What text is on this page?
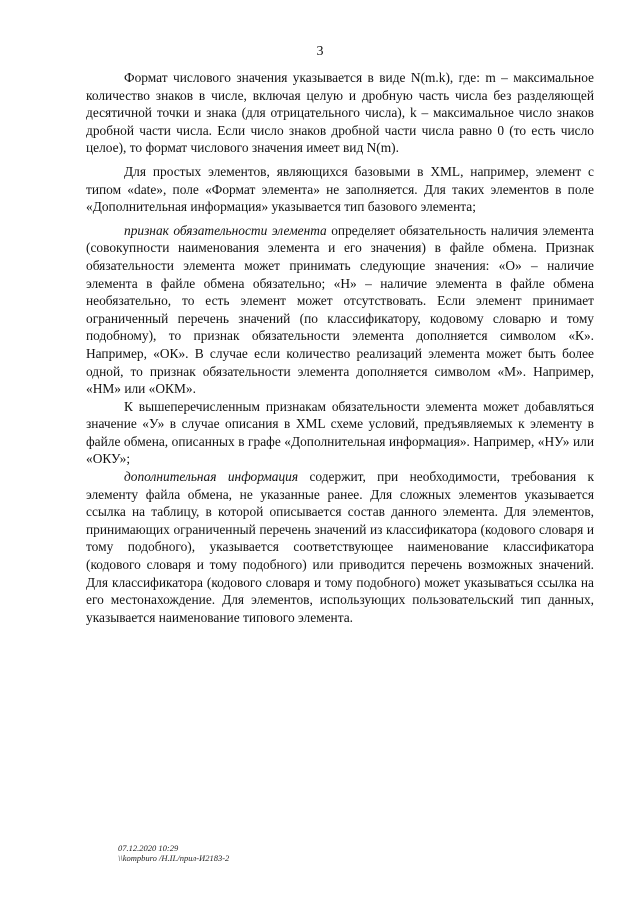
3

Формат числового значения указывается в виде N(m.k), где: m – максимальное количество знаков в числе, включая целую и дробную часть числа без разделяющей десятичной точки и знака (для отрицательного числа), k – максимальное число знаков дробной части числа. Если число знаков дробной части числа равно 0 (то есть число целое), то формат числового значения имеет вид N(m).

Для простых элементов, являющихся базовыми в XML, например, элемент с типом «date», поле «Формат элемента» не заполняется. Для таких элементов в поле «Дополнительная информация» указывается тип базового элемента;

признак обязательности элемента определяет обязательность наличия элемента (совокупности наименования элемента и его значения) в файле обмена. Признак обязательности элемента может принимать следующие значения: «О» – наличие элемента в файле обмена обязательно; «Н» – наличие элемента в файле обмена необязательно, то есть элемент может отсутствовать. Если элемент принимает ограниченный перечень значений (по классификатору, кодовому словарю и тому подобному), то признак обязательности элемента дополняется символом «К». Например, «ОК». В случае если количество реализаций элемента может быть более одной, то признак обязательности элемента дополняется символом «М». Например, «НМ» или «ОКМ».

К вышеперечисленным признакам обязательности элемента может добавляться значение «У» в случае описания в XML схеме условий, предъявляемых к элементу в файле обмена, описанных в графе «Дополнительная информация». Например, «НУ» или «ОКУ»;

дополнительная информация содержит, при необходимости, требования к элементу файла обмена, не указанные ранее. Для сложных элементов указывается ссылка на таблицу, в которой описывается состав данного элемента. Для элементов, принимающих ограниченный перечень значений из классификатора (кодового словаря и тому подобного), указывается соответствующее наименование классификатора (кодового словаря и тому подобного) или приводится перечень возможных значений. Для классификатора (кодового словаря и тому подобного) может указываться ссылка на его местонахождение. Для элементов, использующих пользовательский тип данных, указывается наименование типового элемента.

07.12.2020 10:29
\\kompburo /H.II./прил-И2183-2
